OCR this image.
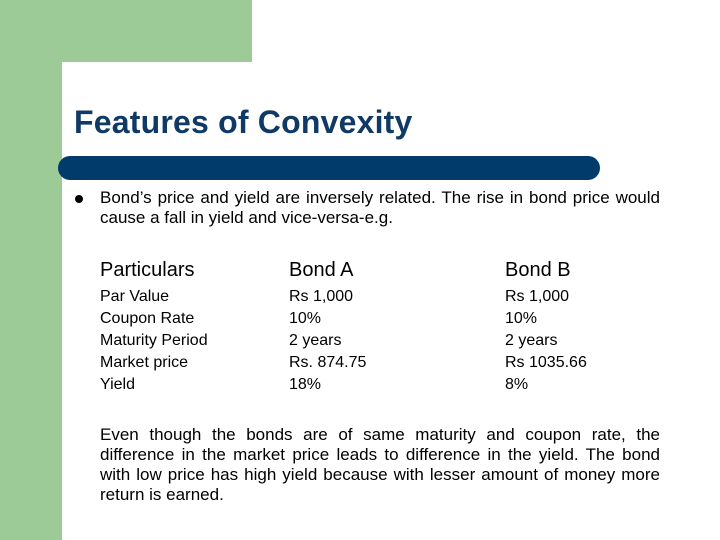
Features of Convexity
Bond’s price and yield are inversely related. The rise in bond price would cause a fall in yield and vice-versa-e.g.
Particulars
Par Value
Coupon Rate
Maturity Period
Market price
Yield
Bond A
Rs 1,000
10%
2 years
Rs. 874.75
18%
Bond B
Rs 1,000
10%
2 years
Rs 1035.66
8%
Even though the bonds are of same maturity and coupon rate, the difference in the market price leads to difference in the yield. The bond with low price has high yield because with lesser amount of money more return is earned.
